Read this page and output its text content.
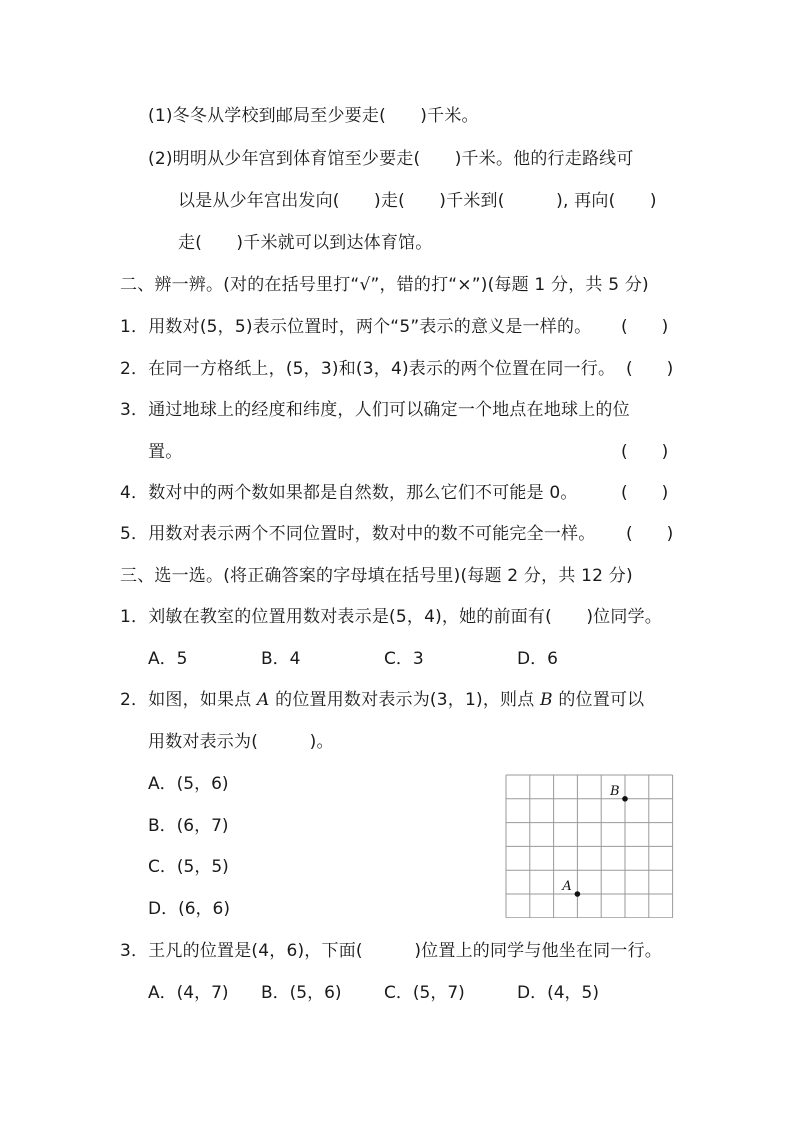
(1)冬冬从学校到邮局至少要走(　　)千米。
(2)明明从少年宫到体育馆至少要走(　　)千米。他的行走路线可
以是从少年宫出发向(　　)走(　　)千米到(　　　), 再向(　　)
走(　　)千米就可以到达体育馆。
二、辨一辨。(对的在括号里打“√”，错的打“×”)(每题 1 分，共 5 分)
1．用数对(5，5)表示位置时，两个“5”表示的意义是一样的。 (　　)
2．在同一方格纸上，(5，3)和(3，4)表示的两个位置在同一行。 (　　)
3．通过地球上的经度和纬度，人们可以确定一个地点在地球上的位
置。	(　　)
4．数对中的两个数如果都是自然数，那么它们不可能是 0。	(　　)
5．用数对表示两个不同位置时，数对中的数不可能完全一样。 (　　)
三、选一选。(将正确答案的字母填在括号里)(每题 2 分，共 12 分)
1．刘敏在教室的位置用数对表示是(5，4)，她的前面有(　　)位同学。
A．5	B．4	C．3	D．6
2．如图，如果点 A 的位置用数对表示为(3，1)，则点 B 的位置可以
用数对表示为(　　　)。
A．(5，6)
B．(6，7)
C．(5，5)
D．(6，6)
A
B
3．王凡的位置是(4，6)，下面(　　　)位置上的同学与他坐在同一行。
A．(4，7) B．(5，6) C．(5，7)	D．(4，5)
